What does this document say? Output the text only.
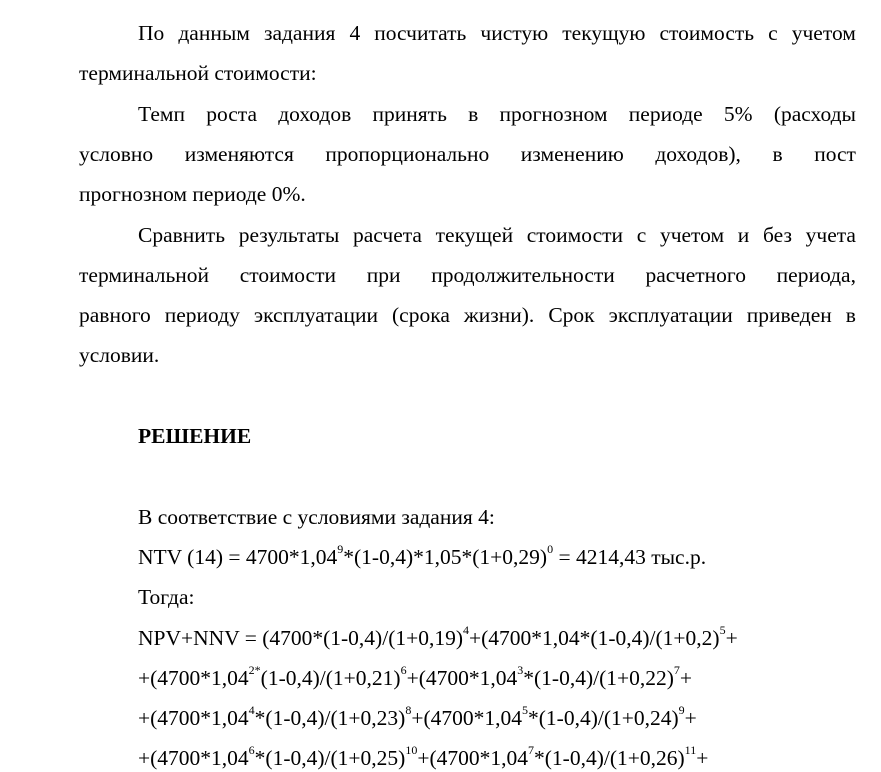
По данным задания 4 посчитать чистую текущую стоимость с учетом
терминальной стоимости:
Темп роста доходов принять в прогнозном периоде 5% (расходы
условно изменяются пропорционально изменению доходов), в пост
прогнозном периоде 0%.
Сравнить результаты расчета текущей стоимости с учетом и без учета
терминальной стоимости при продолжительности расчетного периода,
равного периоду эксплуатации (срока жизни). Срок эксплуатации приведен в
условии.
РЕШЕНИЕ
В соответствие с условиями задания 4:
NTV $(14) = 4700*1,04^9*(1-0,4)*1,05*(1+0,29)^0 = 4214,43$ тыс.р.
Тогда:
$NPV+NNV = (4700*(1-0,4)/(1+0,19)^4+(4700*1,04*(1-0,4)/(1+0,2)^5+$
$+(4700*1,04^{2*}(1-0,4)/(1+0,21)^6+(4700*1,04^3*(1-0,4)/(1+0,22)^7+$
$+(4700*1,04^4*(1-0,4)/(1+0,23)^8+(4700*1,04^5*(1-0,4)/(1+0,24)^9+$
$+(4700*1,04^6*(1-0,4)/(1+0,25)^{10}+(4700*1,04^7*(1-0,4)/(1+0,26)^{11}+$
